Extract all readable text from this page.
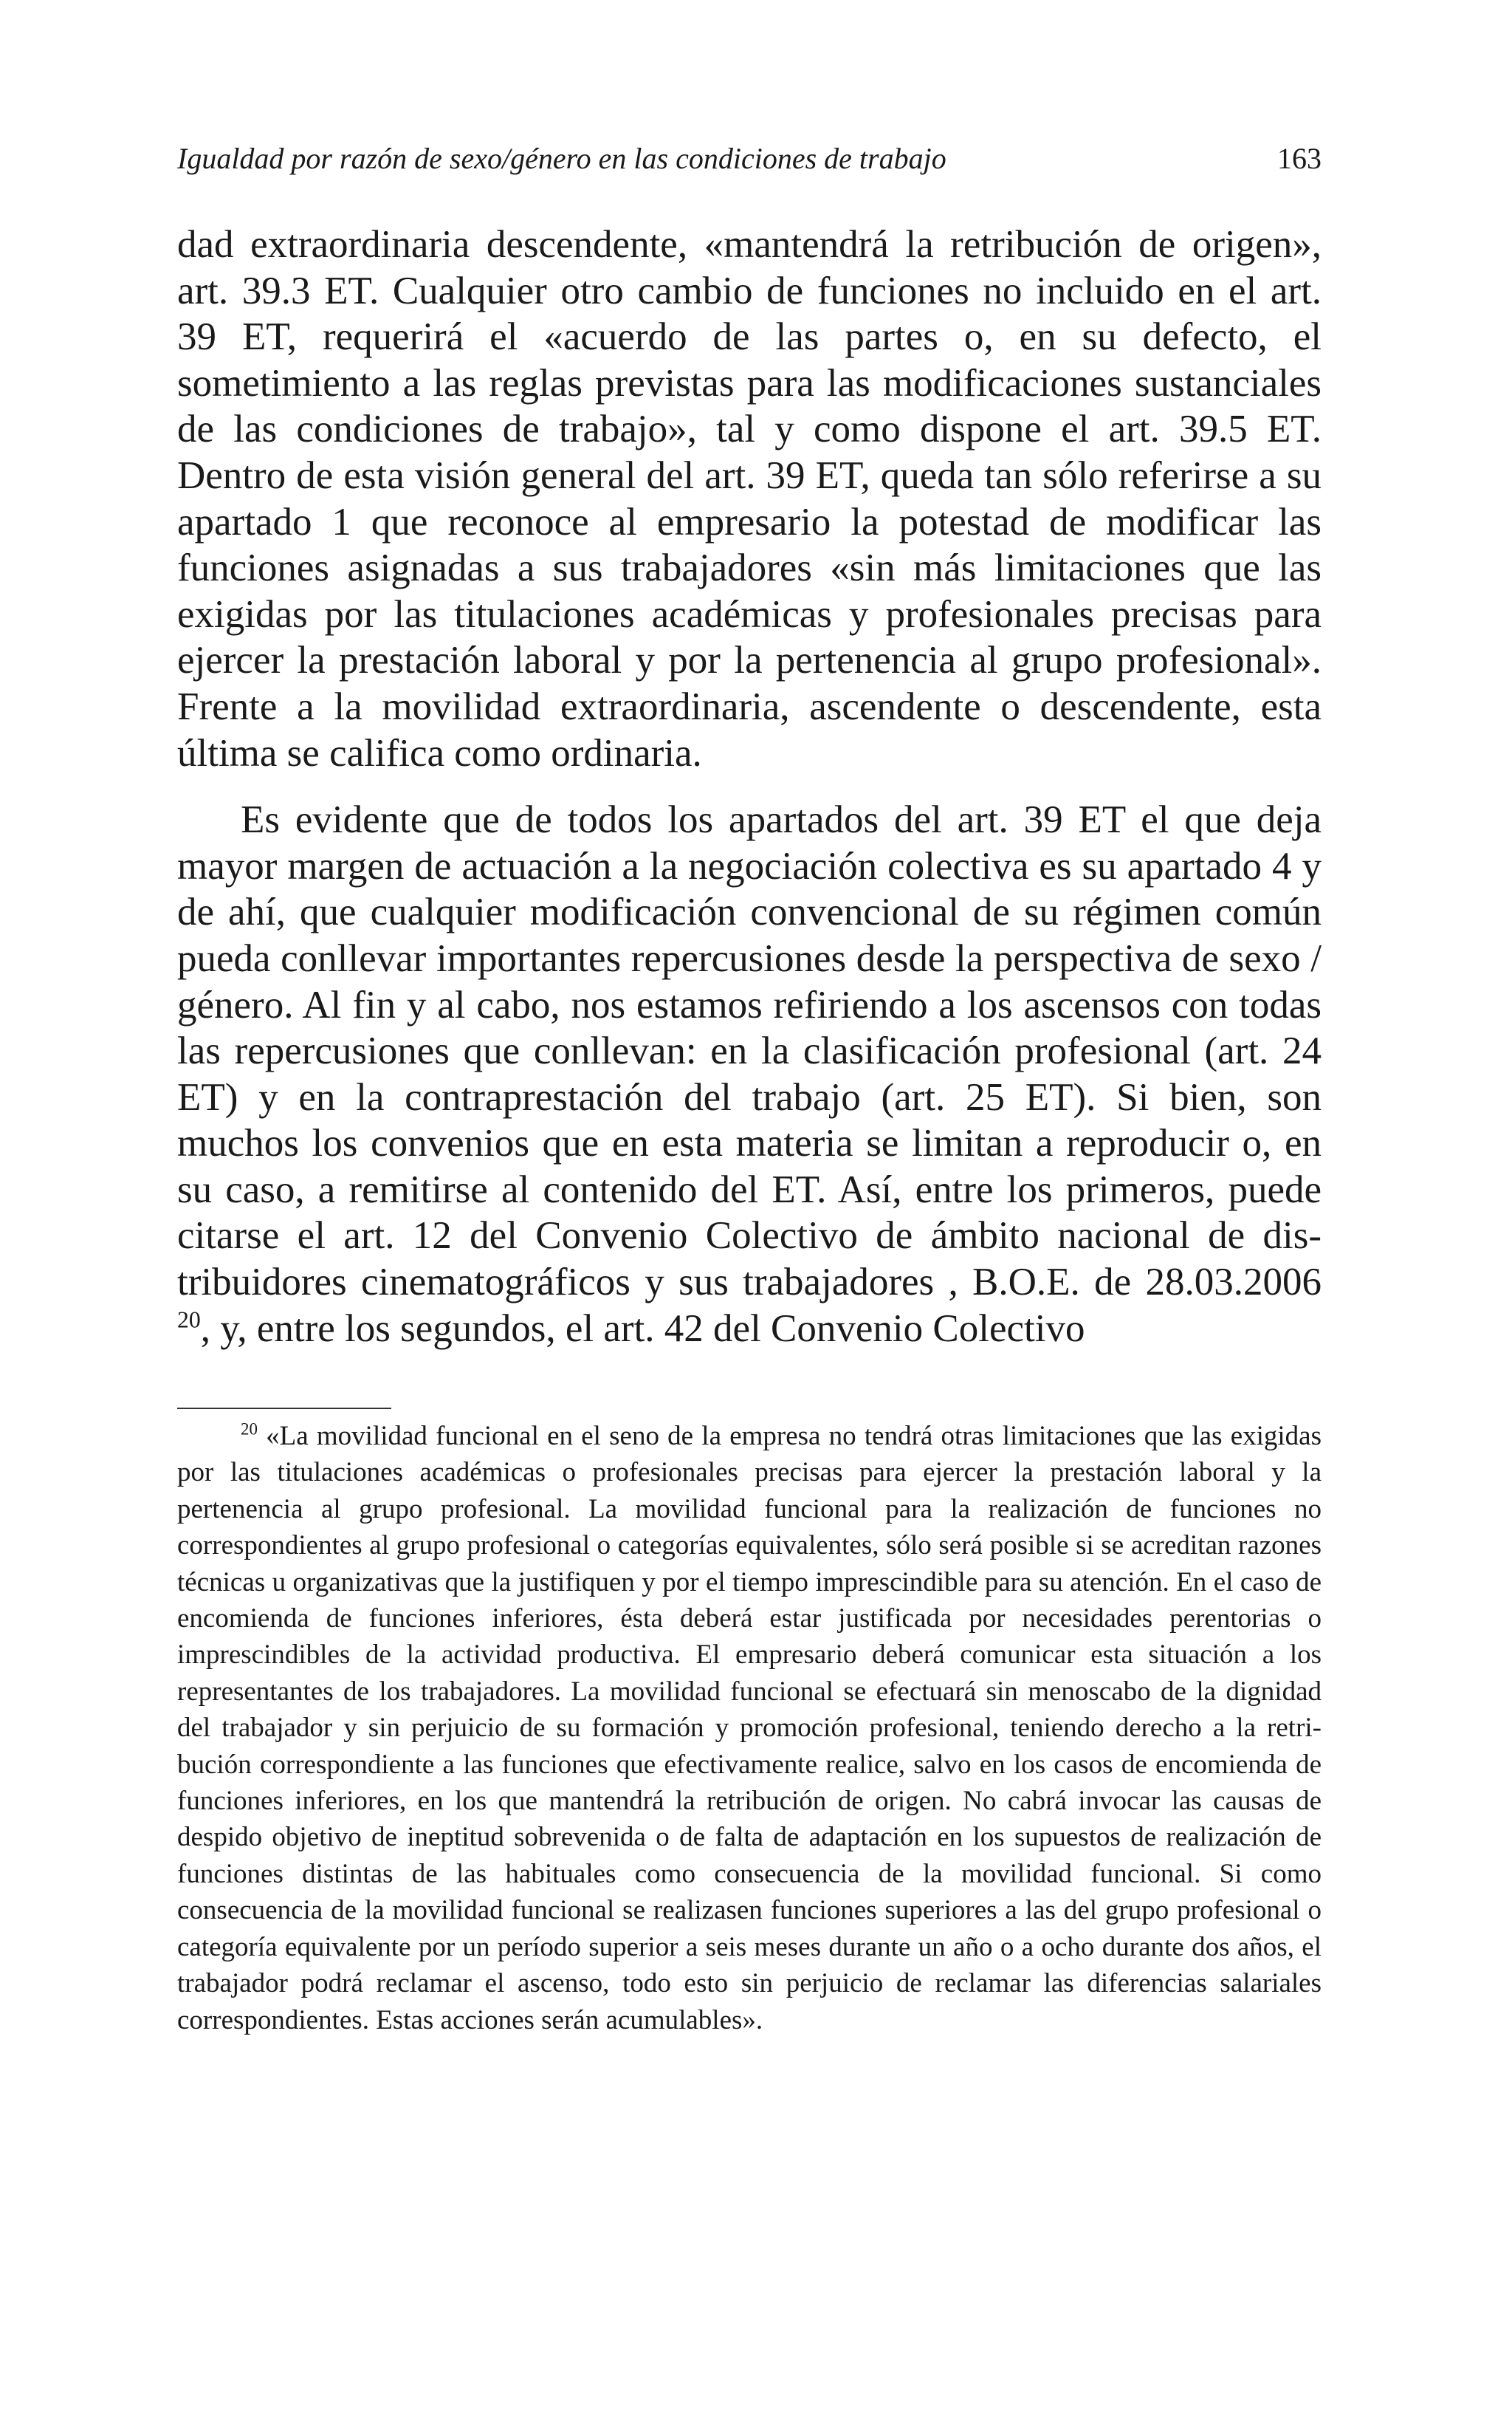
Igualdad por razón de sexo/género en las condiciones de trabajo	163

dad extraordinaria descendente, «mantendrá la retribución de origen», art. 39.3 ET. Cualquier otro cambio de funciones no incluido en el art. 39 ET, requerirá el «acuerdo de las partes o, en su defecto, el sometimiento a las reglas previstas para las modificaciones sustanciales de las condiciones de trabajo», tal y como dispone el art. 39.5 ET. Dentro de esta visión general del art. 39 ET, queda tan sólo referirse a su apartado 1 que reconoce al empresario la potestad de modificar las funciones asignadas a sus trabajadores «sin más limitaciones que las exigidas por las titulaciones académicas y profesionales precisas para ejercer la prestación laboral y por la pertenencia al grupo profesional». Frente a la movilidad extraordinaria, ascendente o descendente, esta última se califica como ordinaria.

Es evidente que de todos los apartados del art. 39 ET el que deja mayor margen de actuación a la negociación colectiva es su apartado 4 y de ahí, que cualquier modificación convencional de su régimen común pueda conllevar importantes repercusiones desde la perspectiva de sexo / género. Al fin y al cabo, nos estamos refiriendo a los ascensos con todas las repercusiones que conllevan: en la clasificación profesional (art. 24 ET) y en la contraprestación del trabajo (art. 25 ET). Si bien, son muchos los convenios que en esta materia se limitan a reproducir o, en su caso, a remitirse al contenido del ET. Así, entre los primeros, puede citarse el art. 12 del Convenio Colectivo de ámbito nacional de distribuidores cinematográficos y sus trabajadores , B.O.E. de 28.03.2006 $^{20}$, y, entre los segundos, el art. 42 del Convenio Colectivo

$^{20}$ «La movilidad funcional en el seno de la empresa no tendrá otras limitaciones que las exigidas por las titulaciones académicas o profesionales precisas para ejercer la prestación laboral y la pertenencia al grupo profesional. La movilidad funcional para la realización de funciones no correspondientes al grupo profesional o categorías equivalentes, sólo será posible si se acreditan razones técnicas u organizativas que la justifiquen y por el tiempo imprescindible para su atención. En el caso de encomienda de funciones inferiores, ésta deberá estar justificada por necesidades perentorias o imprescindibles de la actividad productiva. El empresario deberá comunicar esta situación a los representantes de los trabajadores. La movilidad funcional se efectuará sin menoscabo de la dignidad del trabajador y sin perjuicio de su formación y promoción profesional, teniendo derecho a la retribución correspondiente a las funciones que efectivamente realice, salvo en los casos de encomienda de funciones inferiores, en los que mantendrá la retribución de origen. No cabrá invocar las causas de despido objetivo de ineptitud sobrevenida o de falta de adaptación en los supuestos de realización de funciones distintas de las habituales como consecuencia de la movilidad funcional. Si como consecuencia de la movilidad funcional se realizasen funciones superiores a las del grupo profesional o categoría equivalente por un período superior a seis meses durante un año o a ocho durante dos años, el trabajador podrá reclamar el ascenso, todo esto sin perjuicio de reclamar las diferencias salariales correspondientes. Estas acciones serán acumulables».
